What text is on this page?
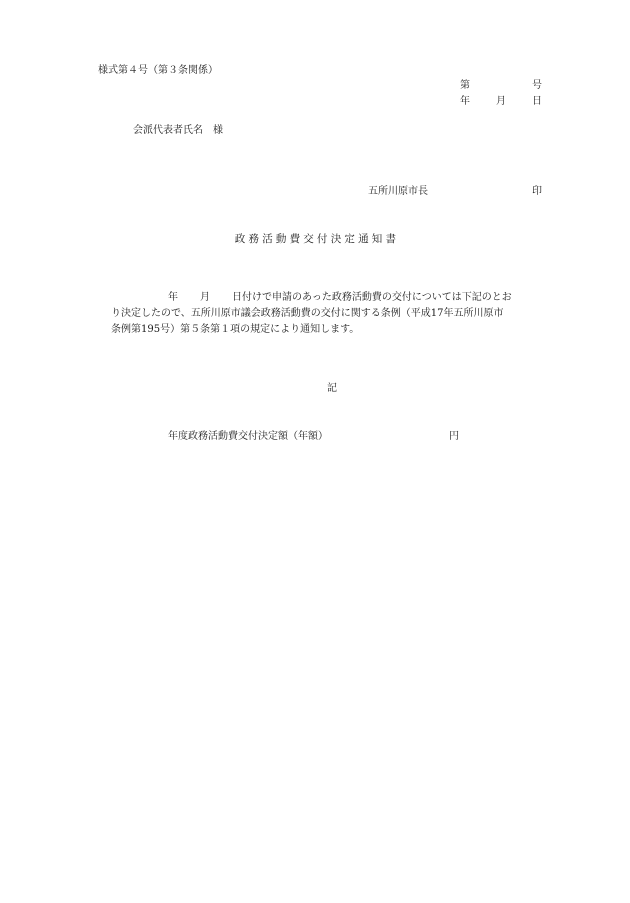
様式第４号（第３条関係）
第	号
年	月	日
会派代表者氏名　様
五所川原市長	印
政務活動費交付決定通知書
年 月 日付けで申請のあった政務活動費の交付については下記のとお
り決定したので、五所川原市議会政務活動費の交付に関する条例（平成17年五所川原市
条例第195号）第５条第１項の規定により通知します。
記
年度政務活動費交付決定額（年額）	円
